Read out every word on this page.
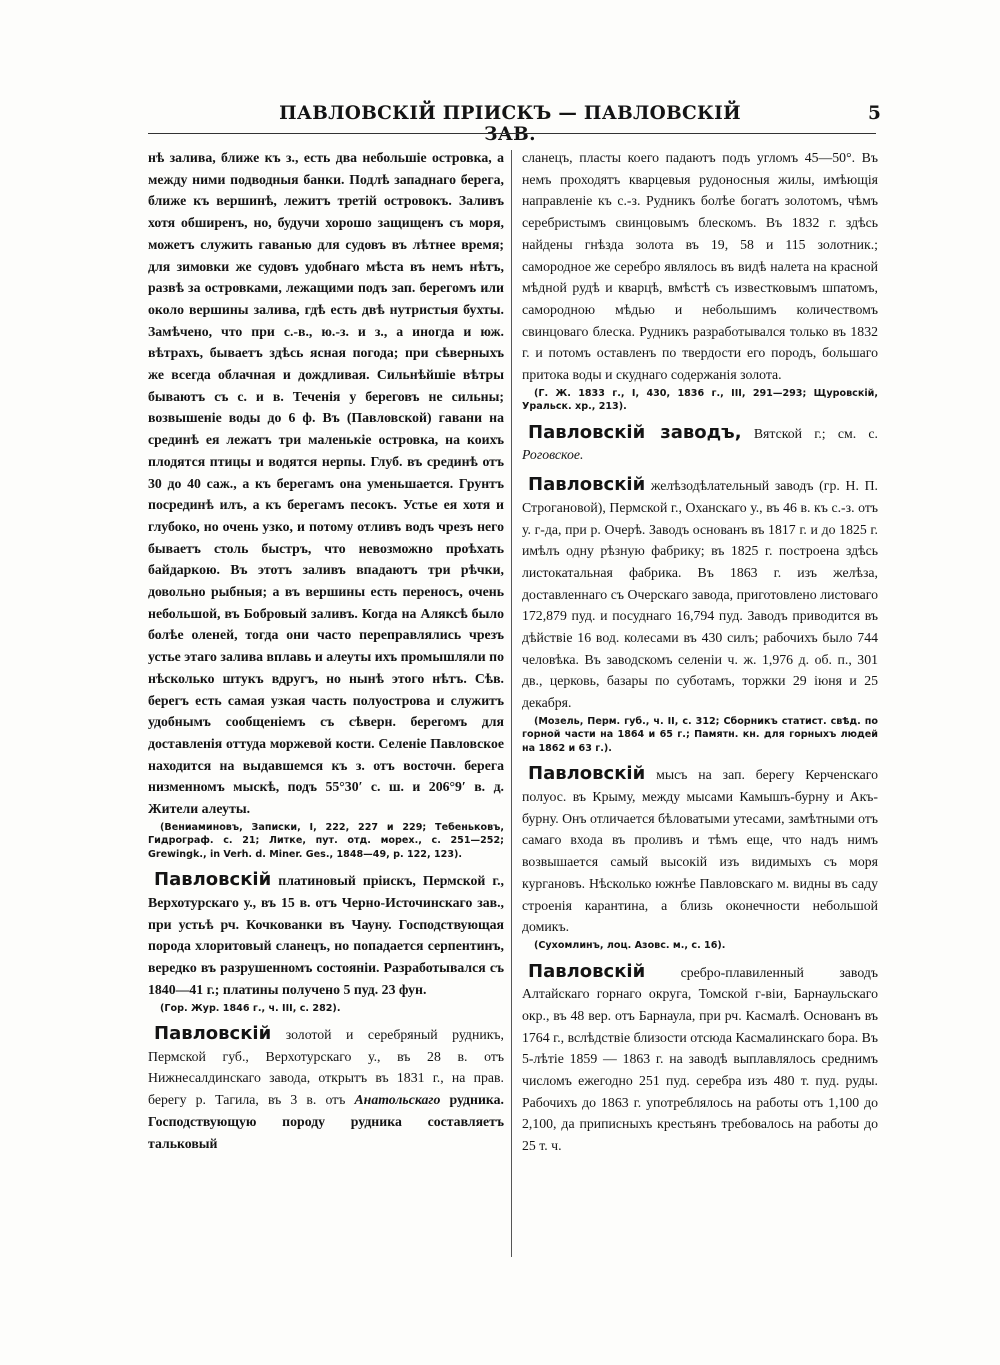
ПАВЛОВСКІЙ ПРІИСКЪ — ПАВЛОВСКІЙ ЗАВ.
5

нѣ залива, ближе къ з., есть два небольшіе островка, а между ними подводныя банки. Подлѣ западнаго берега, ближе къ вершинѣ, лежитъ третій островокъ. Заливъ хотя обширенъ, но, будучи хорошо защищенъ съ моря, можетъ служить гаванью для судовъ въ лѣтнее время; для зимовки же судовъ удобнаго мѣста въ немъ нѣтъ, развѣ за островками, лежащими подъ зап. берегомъ или около вершины залива, гдѣ есть двѣ нутристыя бухты. Замѣчено, что при с.-в., ю.-з. и з., а иногда и юж. вѣтрахъ, бываетъ здѣсь ясная погода; при сѣверныхъ же всегда облачная и дождливая. Сильнѣйшіе вѣтры бываютъ съ с. и в. Теченія у береговъ не сильны; возвышеніе воды до 6 ф. Въ (Павловской) гавани на срединѣ ея лежатъ три маленькіе островка, на коихъ плодятся птицы и водятся нерпы. Глуб. въ срединѣ отъ 30 до 40 саж., а къ берегамъ она уменьшается. Грунтъ посрединѣ илъ, а къ берегамъ песокъ. Устье ея хотя и глубоко, но очень узко, и потому отливъ водъ чрезъ него бываетъ столь быстръ, что невозможно проѣхать байдаркою. Въ этотъ заливъ впадаютъ три рѣчки, довольно рыбныя; а въ вершины есть переносъ, очень небольшой, въ Бобровый заливъ. Когда на Аляксѣ было болѣе оленей, тогда они часто переправлялись чрезъ устье этаго залива вплавь и алеуты ихъ промышляли по нѣсколько штукъ вдругъ, но нынѣ этого нѣтъ. Сѣв. берегъ есть самая узкая часть полуострова и служитъ удобнымъ сообщеніемъ съ сѣверн. берегомъ для доставленія оттуда моржевой кости. Селеніе Павловское находится на выдавшемся къ з. отъ восточн. берега низменномъ мыскѣ, подъ 55°30′ с. ш. и 206°9′ в. д. Жители алеуты.

(Вениаминовъ, Записки, I, 222, 227 и 229; Тебеньковъ, Гидрограф. с. 21; Литке, пут. отд. морех., с. 251—252; Grewingk., in Verh. d. Miner. Ges., 1848—49, p. 122, 123).

Павловскій платиновый пріискъ, Пермской г., Верхотурскаго у., въ 15 в. отъ Черно-Источинскаго зав., при устьѣ рч. Кочкованки въ Чауну. Господствующая порода хлоритовый сланецъ, но попадается серпентинъ, вередко въ разрушенномъ состояніи. Разработывался съ 1840—41 г.; платины получено 5 пуд. 23 фун.

(Гор. Жур. 1846 г., ч. III, с. 282).

Павловскій золотой и серебряный рудникъ, Пермской губ., Верхотурскаго у., въ 28 в. отъ Нижнесалдинскаго завода, открытъ въ 1831 г., на прав. берегу р. Тагила, въ 3 в. отъ Анатольскаго рудника. Господствующую породу рудника составляетъ тальковый

сланецъ, пласты коего падаютъ подъ угломъ 45—50°. Въ немъ проходятъ кварцевыя рудоносныя жилы, имѣющія направленіе къ с.-з. Рудникъ болѣе богатъ золотомъ, чѣмъ серебристымъ свинцовымъ блескомъ. Въ 1832 г. здѣсь найдены гнѣзда золота въ 19, 58 и 115 золотник.; самородное же серебро являлось въ видѣ налета на красной мѣдной рудѣ и кварцѣ, вмѣстѣ съ известковымъ шпатомъ, самородною мѣдью и небольшимъ количествомъ свинцоваго блеска. Рудникъ разработывался только въ 1832 г. и потомъ оставленъ по твердости его породъ, большаго притока воды и скуднаго содержанія золота.

(Г. Ж. 1833 г., I, 430, 1836 г., III, 291—293; Щуровскій, Уральск. хр., 213).

Павловскій заводъ, Вятской г.; см. с. Роговское.

Павловскій желѣзодѣлательный заводъ (гр. Н. П. Строгановой), Пермской г., Оханскаго у., въ 46 в. къ с.-з. отъ у. г-да, при р. Очерѣ. Заводъ основанъ въ 1817 г. и до 1825 г. имѣлъ одну рѣзную фабрику; въ 1825 г. построена здѣсь листокатальная фабрика. Въ 1863 г. изъ желѣза, доставленнаго съ Очерскаго завода, приготовлено листоваго 172,879 пуд. и посуднаго 16,794 пуд. Заводъ приводится въ дѣйствіе 16 вод. колесами въ 430 силъ; рабочихъ было 744 человѣка. Въ заводскомъ селеніи ч. ж. 1,976 д. об. п., 301 дв., церковь, базары по суботамъ, торжки 29 іюня и 25 декабря.

(Мозель, Перм. губ., ч. II, с. 312; Сборникъ статист. свѣд. по горной части на 1864 и 65 г.; Памятн. кн. для горныхъ людей на 1862 и 63 г.).

Павловскій мысъ на зап. берегу Керченскаго полуос. въ Крыму, между мысами Камышъ-бурну и Акъ-бурну. Онъ отличается бѣловатыми утесами, замѣтными отъ самаго входа въ проливъ и тѣмъ еще, что надъ нимъ возвышается самый высокій изъ видимыхъ съ моря кургановъ. Нѣсколько южнѣе Павловскаго м. видны въ саду строенія карантина, а близь оконечности небольшой домикъ.

(Сухомлинъ, лоц. Азовс. м., с. 16).

Павловскій сребро-плавиленный заводъ Алтайскаго горнаго округа, Томской г-віи, Барнаульскаго окр., въ 48 вер. отъ Барнаула, при рч. Касмалѣ. Основанъ въ 1764 г., вслѣдствіе близости отсюда Касмалинскаго бора. Въ 5-лѣтіе 1859 — 1863 г. на заводѣ выплавлялось среднимъ числомъ ежегодно 251 пуд. серебра изъ 480 т. пуд. руды. Рабочихъ до 1863 г. употреблялось на работы отъ 1,100 до 2,100, да приписныхъ крестьянъ требовалось на работы до 25 т. ч.
